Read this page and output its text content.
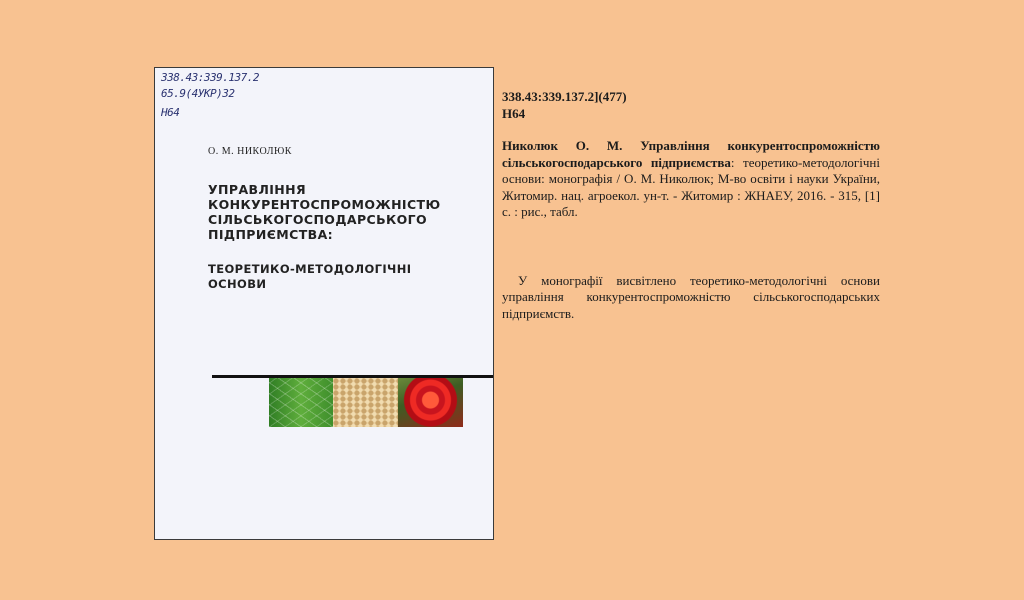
338.43:339.137.2
65.9(4УКР)32
Н64
О. М. НИКОЛЮК
УПРАВЛІННЯ КОНКУРЕНТОСПРОМОЖНІСТЮ СІЛЬСЬКОГОСПОДАРСЬКОГО ПІДПРИЄМСТВА:
ТЕОРЕТИКО-МЕТОДОЛОГІЧНІ ОСНОВИ
338.43:339.137.2](477)
Н64
Николюк О. М. Управління конкурентоспроможністю сільськогосподарського підприємства: теоретико-методологічні основи: монографія / О. М. Николюк; М-во освіти і науки України, Житомир. нац. агроекол. ун-т. - Житомир : ЖНАЕУ, 2016. - 315, [1] с. : рис., табл.
У монографії висвітлено теоретико-методологічні основи управління конкурентоспроможністю сільськогосподарських підприємств.
